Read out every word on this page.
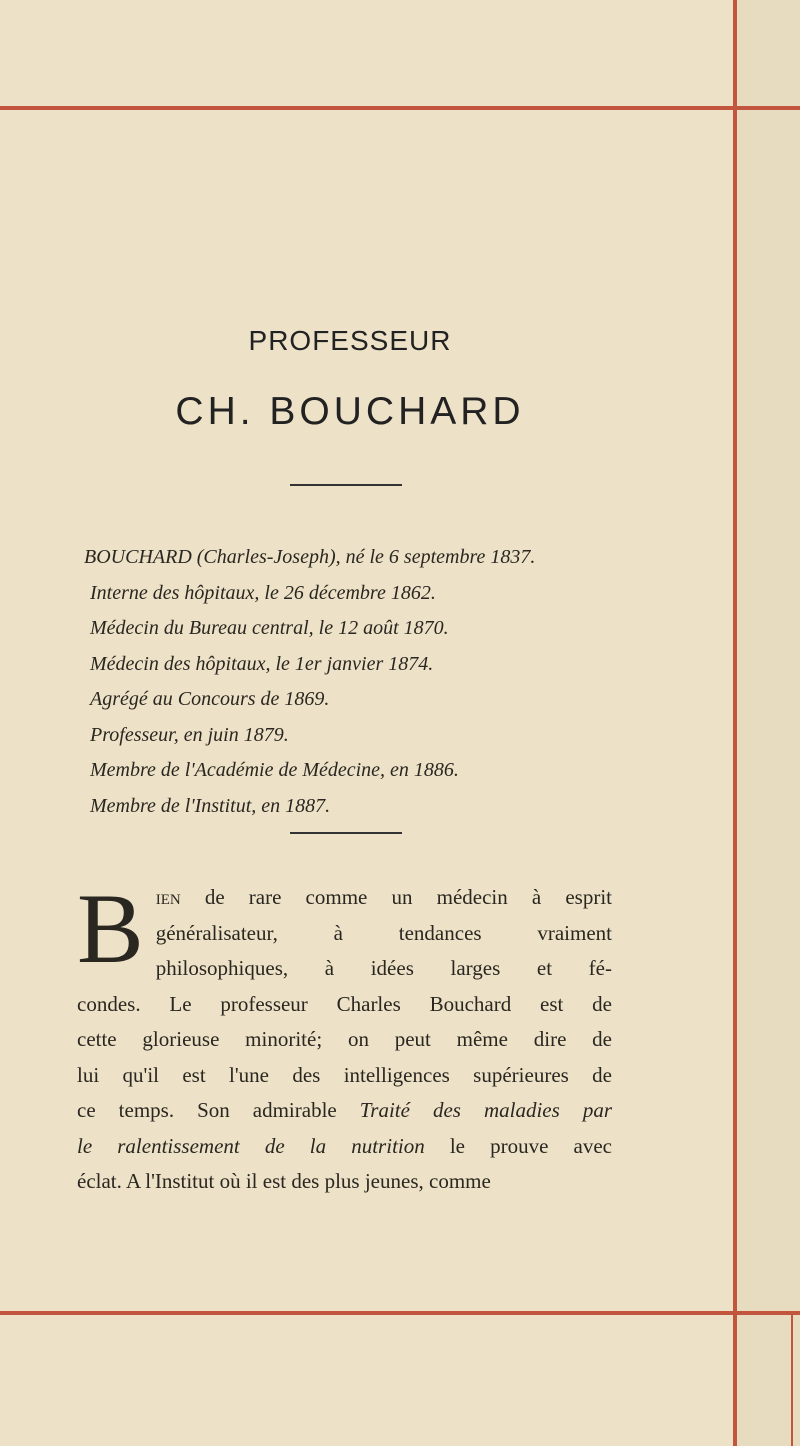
PROFESSEUR
CH. BOUCHARD
BOUCHARD (Charles-Joseph), né le 6 septembre 1837.
Interne des hôpitaux, le 26 décembre 1862.
Médecin du Bureau central, le 12 août 1870.
Médecin des hôpitaux, le 1er janvier 1874.
Agrégé au Concours de 1869.
Professeur, en juin 1879.
Membre de l'Académie de Médecine, en 1886.
Membre de l'Institut, en 1887.
B ien de rare comme un médecin à esprit
généralisateur, à tendances vraiment
philosophiques, à idées larges et fé-
condes. Le professeur Charles Bouchard est de
cette glorieuse minorité; on peut même dire de
lui qu'il est l'une des intelligences supérieures de
ce temps. Son admirable Traité des maladies par
le ralentissement de la nutrition le prouve avec
éclat. A l'Institut où il est des plus jeunes, comme
